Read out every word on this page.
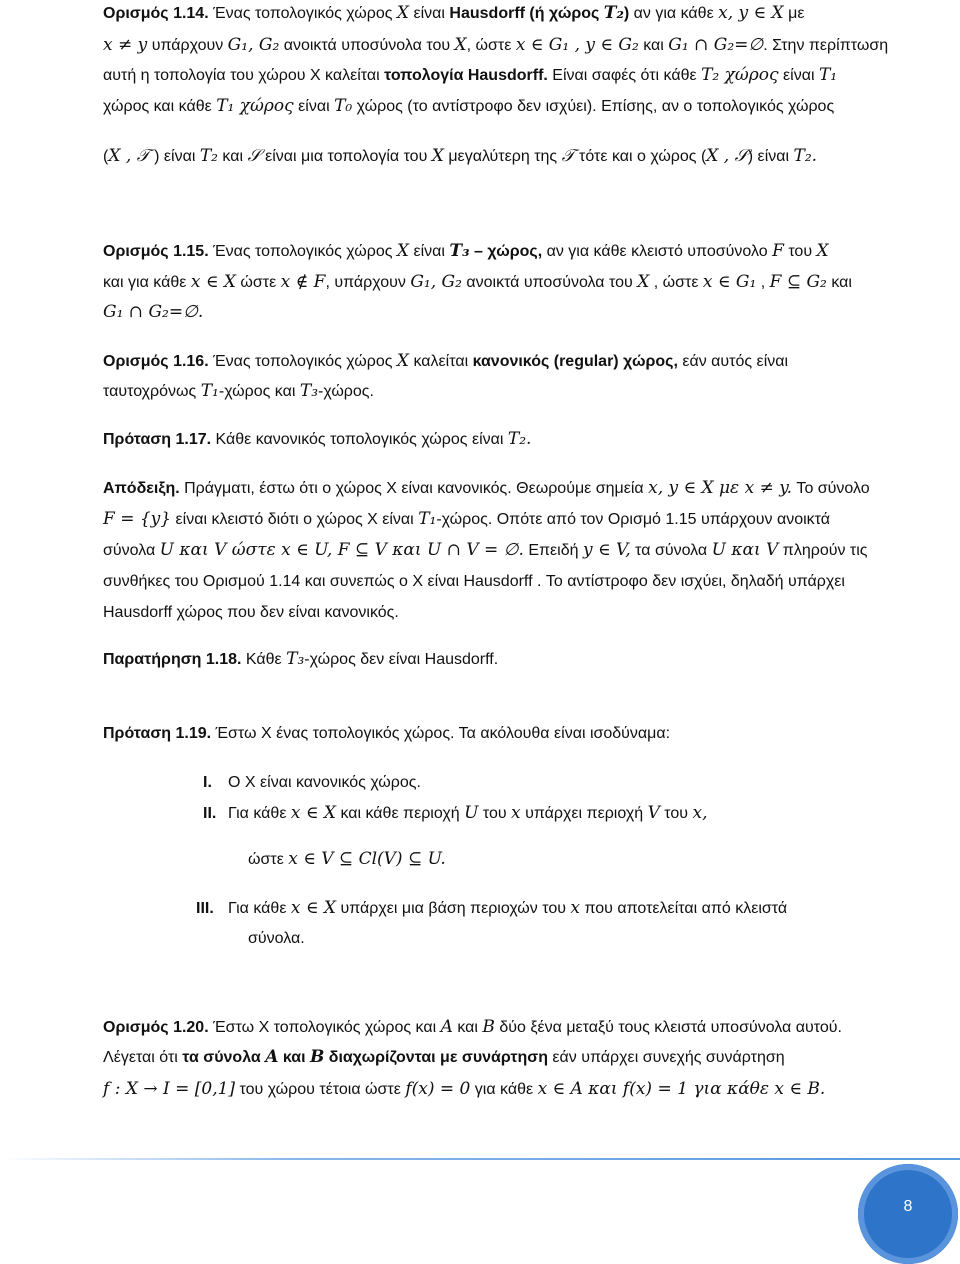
Ορισμός 1.14. Ένας τοπολογικός χώρος X είναι Hausdorff (ή χώρος T₂) αν για κάθε x, y ∈ X με
x ≠ y υπάρχουν G₁, G₂ ανοικτά υποσύνολα του X, ώστε x ∈ G₁ , y ∈ G₂ και G₁ ∩ G₂=∅. Στην περίπτωση
αυτή η τοπολογία του χώρου X καλείται τοπολογία Hausdorff. Είναι σαφές ότι κάθε T₂ χώρος είναι T₁
χώρος και κάθε T₁ χώρος είναι T₀ χώρος (το αντίστροφο δεν ισχύει). Επίσης, αν ο τοπολογικός χώρος
(X , 𝒯 ) είναι T₂ και 𝒮 είναι μια τοπολογία του X μεγαλύτερη της 𝒯 τότε και ο χώρος (X , 𝒮) είναι T₂.
Ορισμός 1.15. Ένας τοπολογικός χώρος X είναι T₃ – χώρος, αν για κάθε κλειστό υποσύνολο F του X
και για κάθε x ∈ X ώστε x ∉ F, υπάρχουν G₁, G₂ ανοικτά υποσύνολα του X , ώστε x ∈ G₁ , F ⊆ G₂ και
G₁ ∩ G₂=∅.
Ορισμός 1.16. Ένας τοπολογικός χώρος X καλείται κανονικός (regular) χώρος, εάν αυτός είναι
ταυτοχρόνως T₁-χώρος και T₃-χώρος.
Πρόταση 1.17. Κάθε κανονικός τοπολογικός χώρος είναι T₂.
Απόδειξη. Πράγματι, έστω ότι ο χώρος X είναι κανονικός. Θεωρούμε σημεία x, y ∈ X με x ≠ y. Το σύνολο
F = {y} είναι κλειστό διότι ο χώρος X είναι T₁-χώρος. Οπότε από τον Ορισμό 1.15 υπάρχουν ανοικτά
σύνολα U και V ώστε x ∈ U, F ⊆ V και U ∩ V = ∅. Επειδή y ∈ V, τα σύνολα U και V πληρούν τις
συνθήκες του Ορισμού 1.14 και συνεπώς ο X είναι Hausdorff . Το αντίστροφο δεν ισχύει, δηλαδή υπάρχει
Hausdorff χώρος που δεν είναι κανονικός.
Παρατήρηση 1.18. Κάθε T₃-χώρος δεν είναι Hausdorff.
Πρόταση 1.19. Έστω X ένας τοπολογικός χώρος. Τα ακόλουθα είναι ισοδύναμα:
I. O X είναι κανονικός χώρος.
II. Για κάθε x ∈ X και κάθε περιοχή U του x υπάρχει περιοχή V του x,
ώστε x ∈ V ⊆ Cl(V) ⊆ U.
III. Για κάθε x ∈ X υπάρχει μια βάση περιοχών του x που αποτελείται από κλειστά
σύνολα.
Ορισμός 1.20. Έστω X τοπολογικός χώρος και A και B δύο ξένα μεταξύ τους κλειστά υποσύνολα αυτού.
Λέγεται ότι τα σύνολα A και B διαχωρίζονται με συνάρτηση εάν υπάρχει συνεχής συνάρτηση
f : X → I = [0,1] του χώρου τέτοια ώστε f(x) = 0 για κάθε x ∈ A και f(x) = 1 για κάθε x ∈ B.
8
